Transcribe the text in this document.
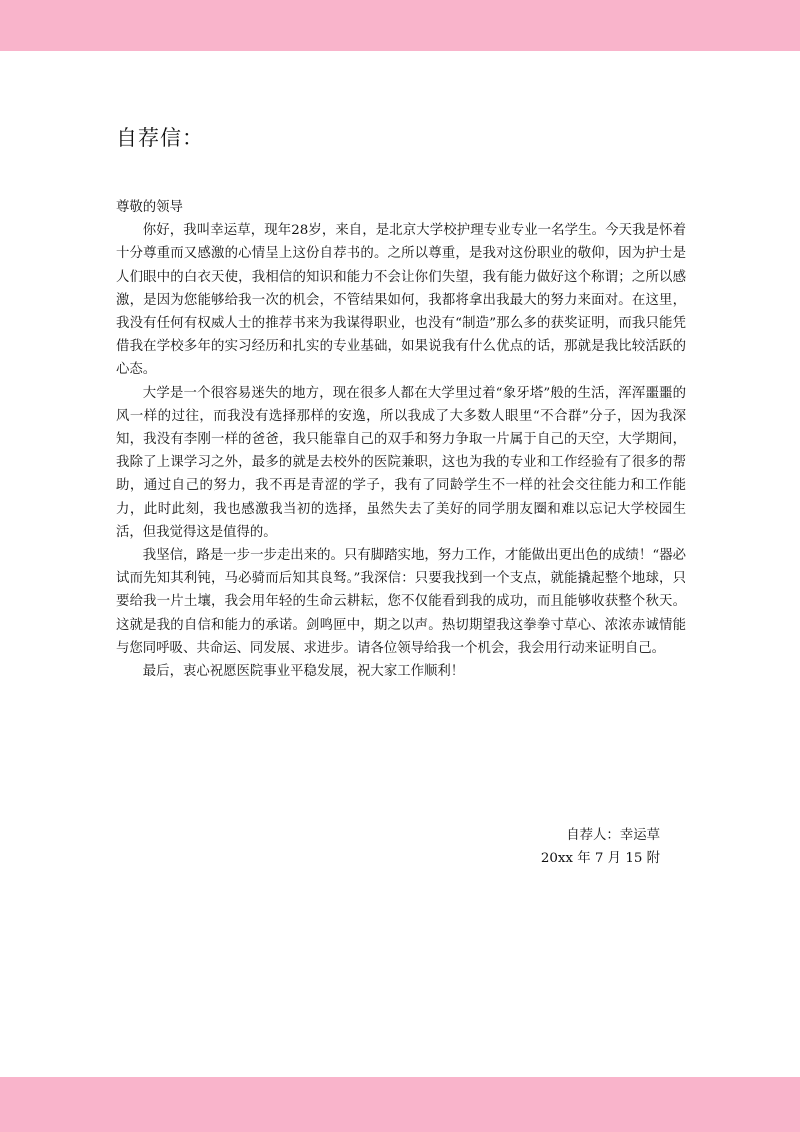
自荐信：

尊敬的领导

你好，我叫幸运草，现年28岁，来自，是北京大学校护理专业专业一名学生。今天我是怀着十分尊重而又感激的心情呈上这份自荐书的。之所以尊重，是我对这份职业的敬仰，因为护士是人们眼中的白衣天使，我相信的知识和能力不会让你们失望，我有能力做好这个称谓；之所以感激，是因为您能够给我一次的机会，不管结果如何，我都将拿出我最大的努力来面对。在这里，我没有任何有权威人士的推荐书来为我谋得职业，也没有“制造”那么多的获奖证明，而我只能凭借我在学校多年的实习经历和扎实的专业基础，如果说我有什么优点的话，那就是我比较活跃的心态。

大学是一个很容易迷失的地方，现在很多人都在大学里过着“象牙塔”般的生活，浑浑噩噩的风一样的过往，而我没有选择那样的安逸，所以我成了大多数人眼里“不合群”分子，因为我深知，我没有李刚一样的爸爸，我只能靠自己的双手和努力争取一片属于自己的天空，大学期间，我除了上课学习之外，最多的就是去校外的医院兼职，这也为我的专业和工作经验有了很多的帮助，通过自己的努力，我不再是青涩的学子，我有了同龄学生不一样的社会交往能力和工作能力，此时此刻，我也感激我当初的选择，虽然失去了美好的同学朋友圈和难以忘记大学校园生活，但我觉得这是值得的。

我坚信，路是一步一步走出来的。只有脚踏实地，努力工作，才能做出更出色的成绩！“器必试而先知其利钝，马必骑而后知其良驽。”我深信：只要我找到一个支点，就能撬起整个地球，只要给我一片土壤，我会用年轻的生命云耕耘，您不仅能看到我的成功，而且能够收获整个秋天。这就是我的自信和能力的承诺。剑鸣匣中，期之以声。热切期望我这拳拳寸草心、浓浓赤诚情能与您同呼吸、共命运、同发展、求进步。请各位领导给我一个机会，我会用行动来证明自己。

最后，衷心祝愿医院事业平稳发展，祝大家工作顺利！

自荐人：幸运草
20xx 年 7 月 15 附
